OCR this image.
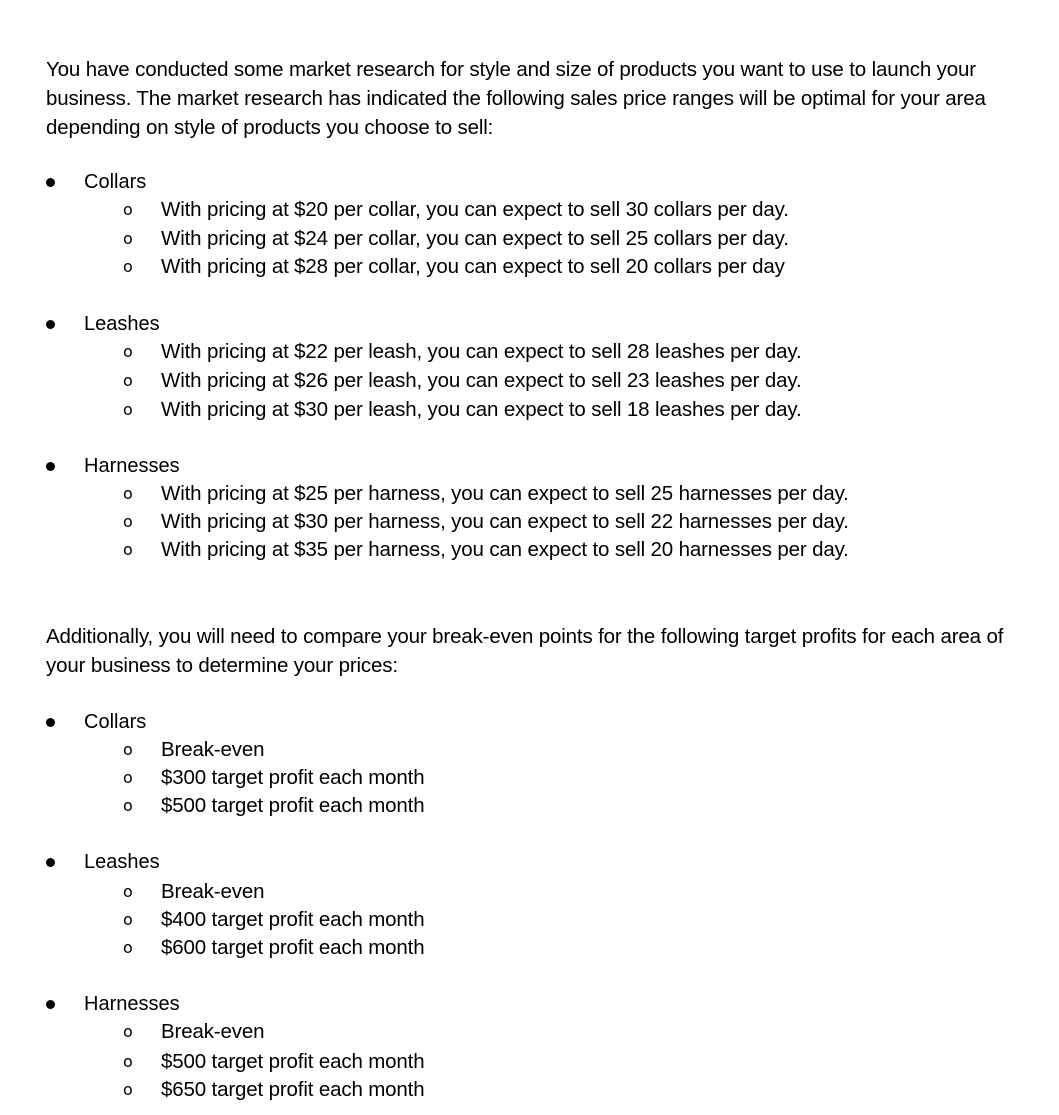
You have conducted some market research for style and size of products you want to use to launch your business. The market research has indicated the following sales price ranges will be optimal for your area depending on style of products you choose to sell:

Collars
o With pricing at $20 per collar, you can expect to sell 30 collars per day.
o With pricing at $24 per collar, you can expect to sell 25 collars per day.
o With pricing at $28 per collar, you can expect to sell 20 collars per day
Leashes
o With pricing at $22 per leash, you can expect to sell 28 leashes per day.
o With pricing at $26 per leash, you can expect to sell 23 leashes per day.
o With pricing at $30 per leash, you can expect to sell 18 leashes per day.
Harnesses
o With pricing at $25 per harness, you can expect to sell 25 harnesses per day.
o With pricing at $30 per harness, you can expect to sell 22 harnesses per day.
o With pricing at $35 per harness, you can expect to sell 20 harnesses per day.

Additionally, you will need to compare your break-even points for the following target profits for each area of your business to determine your prices:

Collars
o Break-even
o $300 target profit each month
o $500 target profit each month
Leashes
o Break-even
o $400 target profit each month
o $600 target profit each month
Harnesses
o Break-even
o $500 target profit each month
o $650 target profit each month
